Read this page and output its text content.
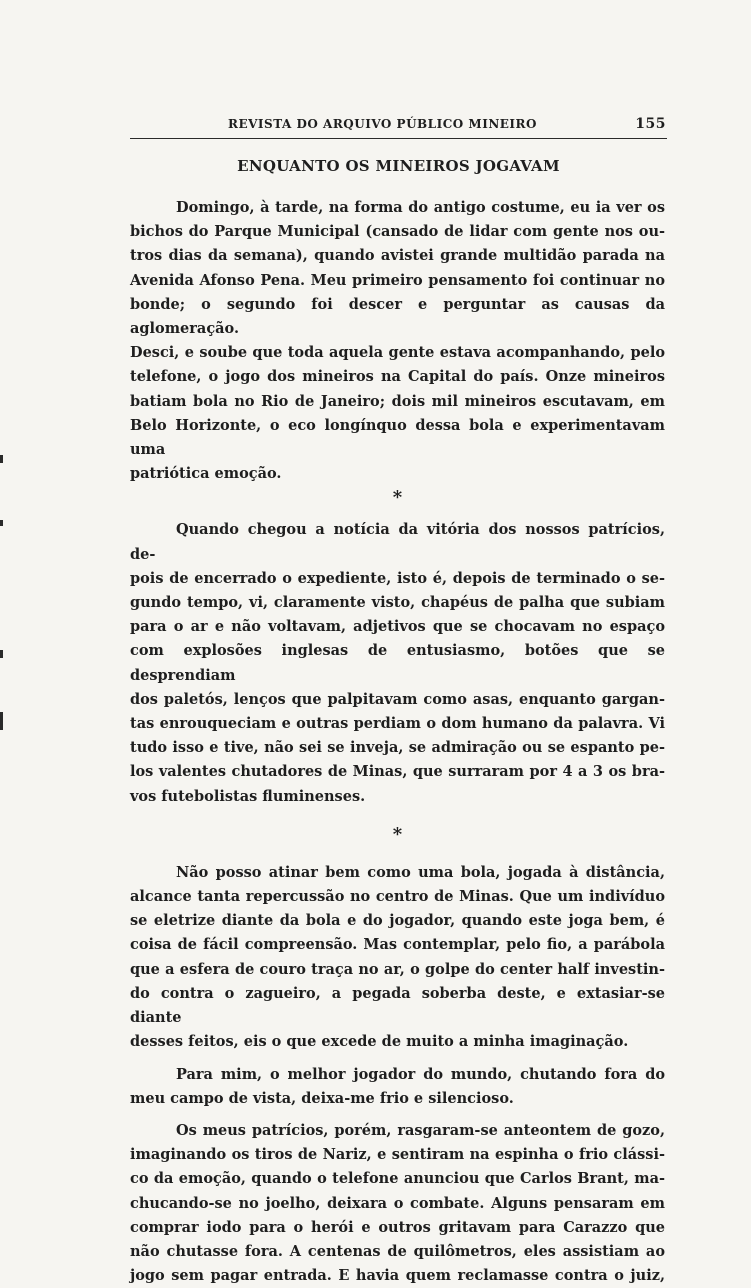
REVISTA DO ARQUIVO PÚBLICO MINEIRO	155
ENQUANTO OS MINEIROS JOGAVAM

Domingo, à tarde, na forma do antigo costume, eu ia ver os
bichos do Parque Municipal (cansado de lidar com gente nos ou-
tros dias da semana), quando avistei grande multidão parada na
Avenida Afonso Pena. Meu primeiro pensamento foi continuar no
bonde; o segundo foi descer e perguntar as causas da aglomeração.
Desci, e soube que toda aquela gente estava acompanhando, pelo
telefone, o jogo dos mineiros na Capital do país. Onze mineiros
batiam bola no Rio de Janeiro; dois mil mineiros escutavam, em
Belo Horizonte, o eco longínquo dessa bola e experimentavam uma
patriótica emoção.

*

Quando chegou a notícia da vitória dos nossos patrícios, de-
pois de encerrado o expediente, isto é, depois de terminado o se-
gundo tempo, vi, claramente visto, chapéus de palha que subiam
para o ar e não voltavam, adjetivos que se chocavam no espaço
com explosões inglesas de entusiasmo, botões que se desprendiam
dos paletós, lenços que palpitavam como asas, enquanto gargan-
tas enrouqueciam e outras perdiam o dom humano da palavra. Vi
tudo isso e tive, não sei se inveja, se admiração ou se espanto pe-
los valentes chutadores de Minas, que surraram por 4 a 3 os bra-
vos futebolistas fluminenses.

*

Não posso atinar bem como uma bola, jogada à distância,
alcance tanta repercussão no centro de Minas. Que um indivíduo
se eletrize diante da bola e do jogador, quando este joga bem, é
coisa de fácil compreensão. Mas contemplar, pelo fio, a parábola
que a esfera de couro traça no ar, o golpe do center half investin-
do contra o zagueiro, a pegada soberba deste, e extasiar-se diante
desses feitos, eis o que excede de muito a minha imaginação.

Para mim, o melhor jogador do mundo, chutando fora do
meu campo de vista, deixa-me frio e silencioso.

Os meus patrícios, porém, rasgaram-se anteontem de gozo,
imaginando os tiros de Nariz, e sentiram na espinha o frio clássi-
co da emoção, quando o telefone anunciou que Carlos Brant, ma-
chucando-se no joelho, deixara o combate. Alguns pensaram em
comprar iodo para o herói e outros gritavam para Carazzo que
não chutasse fora. A centenas de quilômetros, eles assistiam ao
jogo sem pagar entrada. E havia quem reclamasse contra o juiz,
